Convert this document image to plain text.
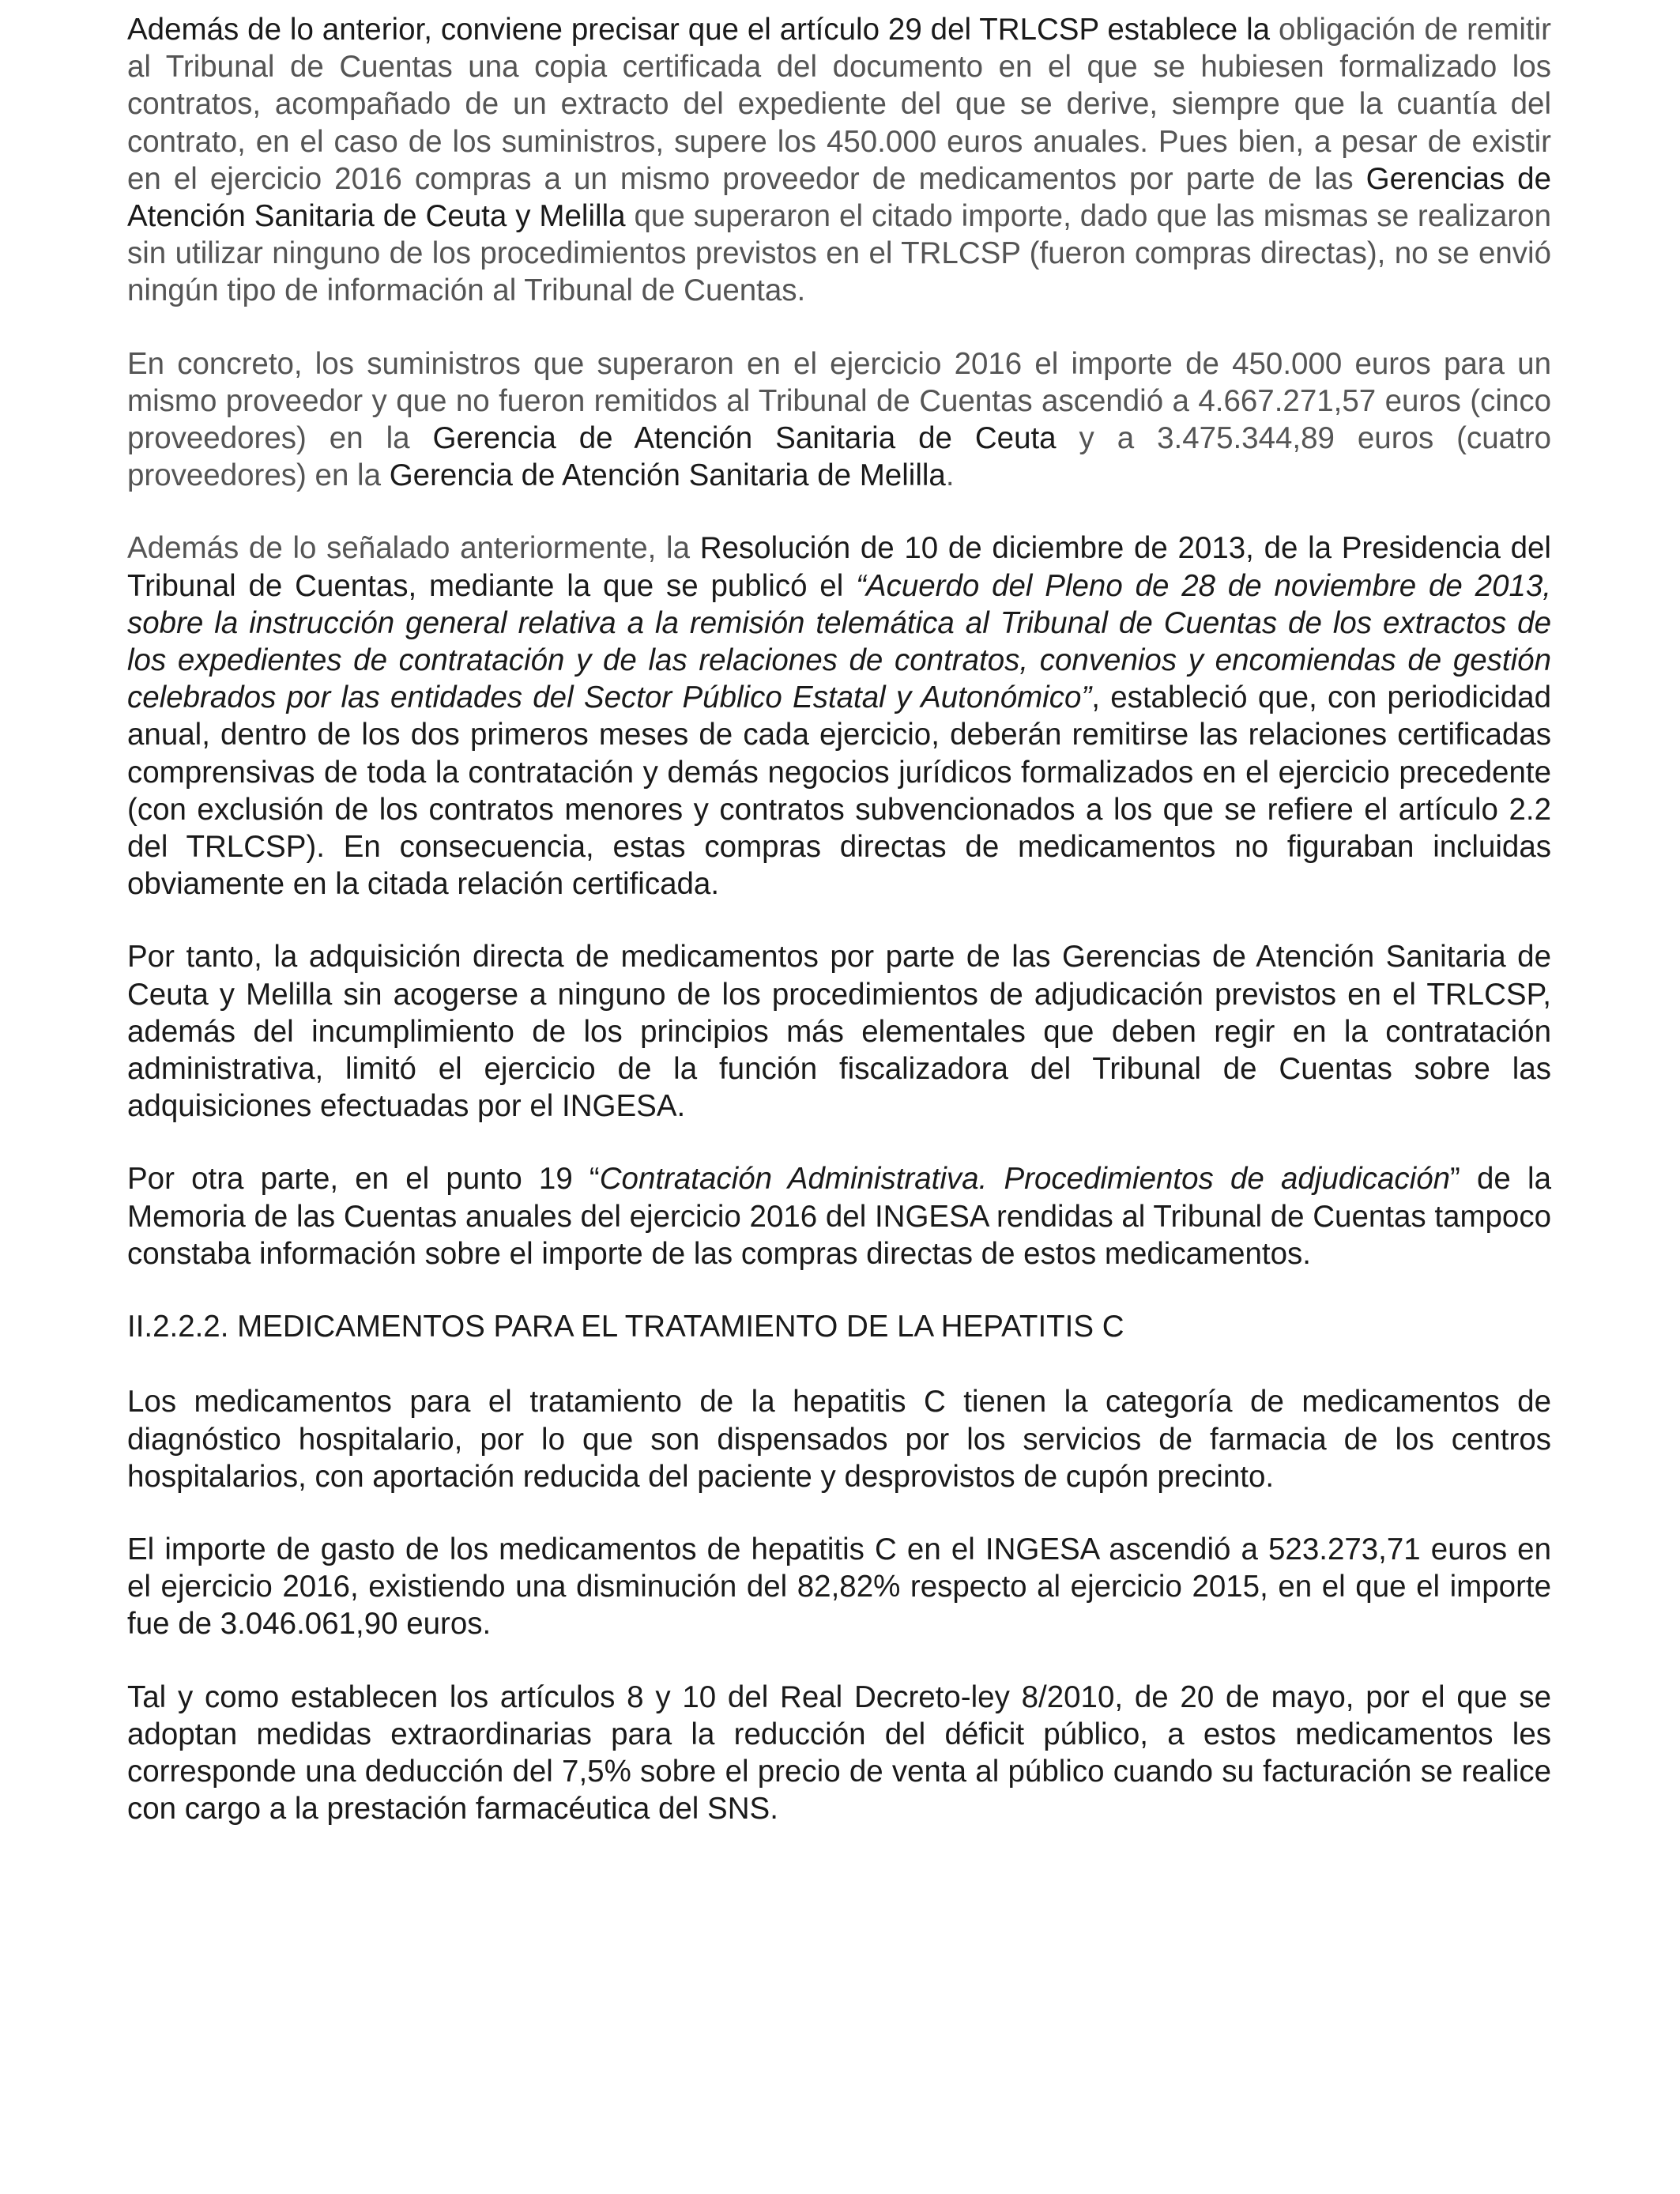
Además de lo anterior, conviene precisar que el artículo 29 del TRLCSP establece la obligación de remitir al Tribunal de Cuentas una copia certificada del documento en el que se hubiesen formalizado los contratos, acompañado de un extracto del expediente del que se derive, siempre que la cuantía del contrato, en el caso de los suministros, supere los 450.000 euros anuales. Pues bien, a pesar de existir en el ejercicio 2016 compras a un mismo proveedor de medicamentos por parte de las Gerencias de Atención Sanitaria de Ceuta y Melilla que superaron el citado importe, dado que las mismas se realizaron sin utilizar ninguno de los procedimientos previstos en el TRLCSP (fueron compras directas), no se envió ningún tipo de información al Tribunal de Cuentas.

En concreto, los suministros que superaron en el ejercicio 2016 el importe de 450.000 euros para un mismo proveedor y que no fueron remitidos al Tribunal de Cuentas ascendió a 4.667.271,57 euros (cinco proveedores) en la Gerencia de Atención Sanitaria de Ceuta y a 3.475.344,89 euros (cuatro proveedores) en la Gerencia de Atención Sanitaria de Melilla.

Además de lo señalado anteriormente, la Resolución de 10 de diciembre de 2013, de la Presidencia del Tribunal de Cuentas, mediante la que se publicó el “Acuerdo del Pleno de 28 de noviembre de 2013, sobre la instrucción general relativa a la remisión telemática al Tribunal de Cuentas de los extractos de los expedientes de contratación y de las relaciones de contratos, convenios y encomiendas de gestión celebrados por las entidades del Sector Público Estatal y Autonómico”, estableció que, con periodicidad anual, dentro de los dos primeros meses de cada ejercicio, deberán remitirse las relaciones certificadas comprensivas de toda la contratación y demás negocios jurídicos formalizados en el ejercicio precedente (con exclusión de los contratos menores y contratos subvencionados a los que se refiere el artículo 2.2 del TRLCSP). En consecuencia, estas compras directas de medicamentos no figuraban incluidas obviamente en la citada relación certificada.

Por tanto, la adquisición directa de medicamentos por parte de las Gerencias de Atención Sanitaria de Ceuta y Melilla sin acogerse a ninguno de los procedimientos de adjudicación previstos en el TRLCSP, además del incumplimiento de los principios más elementales que deben regir en la contratación administrativa, limitó el ejercicio de la función fiscalizadora del Tribunal de Cuentas sobre las adquisiciones efectuadas por el INGESA.

Por otra parte, en el punto 19 “Contratación Administrativa. Procedimientos de adjudicación” de la Memoria de las Cuentas anuales del ejercicio 2016 del INGESA rendidas al Tribunal de Cuentas tampoco constaba información sobre el importe de las compras directas de estos medicamentos.

II.2.2.2. MEDICAMENTOS PARA EL TRATAMIENTO DE LA HEPATITIS C

Los medicamentos para el tratamiento de la hepatitis C tienen la categoría de medicamentos de diagnóstico hospitalario, por lo que son dispensados por los servicios de farmacia de los centros hospitalarios, con aportación reducida del paciente y desprovistos de cupón precinto.

El importe de gasto de los medicamentos de hepatitis C en el INGESA ascendió a 523.273,71 euros en el ejercicio 2016, existiendo una disminución del 82,82% respecto al ejercicio 2015, en el que el importe fue de 3.046.061,90 euros.

Tal y como establecen los artículos 8 y 10 del Real Decreto-ley 8/2010, de 20 de mayo, por el que se adoptan medidas extraordinarias para la reducción del déficit público, a estos medicamentos les corresponde una deducción del 7,5% sobre el precio de venta al público cuando su facturación se realice con cargo a la prestación farmacéutica del SNS.
